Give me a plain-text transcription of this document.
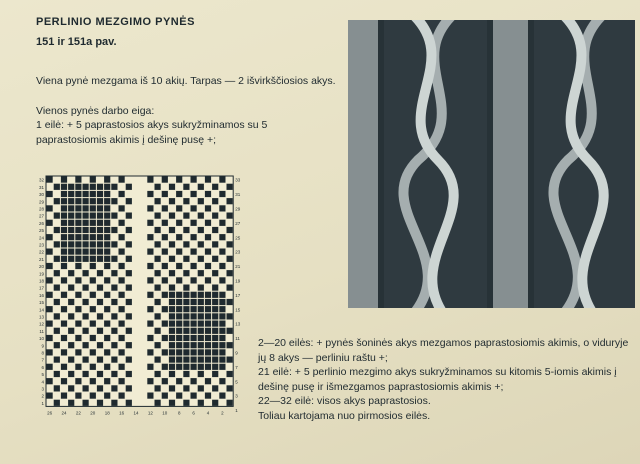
PERLINIO MEZGIMO PYNĖS
151 ir 151a pav.
Viena pynė mezgama iš 10 akių. Tarpas — 2 išvirkščiosios akys.
Vienos pynės darbo eiga:
1 eilė: + 5 paprastosios akys sukryžminamos su 5 paprastosiomis akimis į dešinę pusę +;
32
31
30
29
28
27
26
25
24
23
22
21
20
19
18
17
16
15
14
13
12
11
10
9
8
7
6
5
4
3
2
1
33
31
29
27
25
23
21
19
17
15
13
11
9
7
5
3
1
26 24 22 20 18 16 14 12 10 8	6	4	2
2—20 eilės: + pynės šoninės akys mezgamos paprastosiomis akimis, o viduryje jų 8 akys — perliniu raštu +;
21 eilė: + 5 perlinio mezgimo akys sukryžminamos su kitomis 5-iomis akimis į dešinę pusę ir išmezgamos paprastosiomis akimis +;
22—32 eilė: visos akys paprastosios.
Toliau kartojama nuo pirmosios eilės.
